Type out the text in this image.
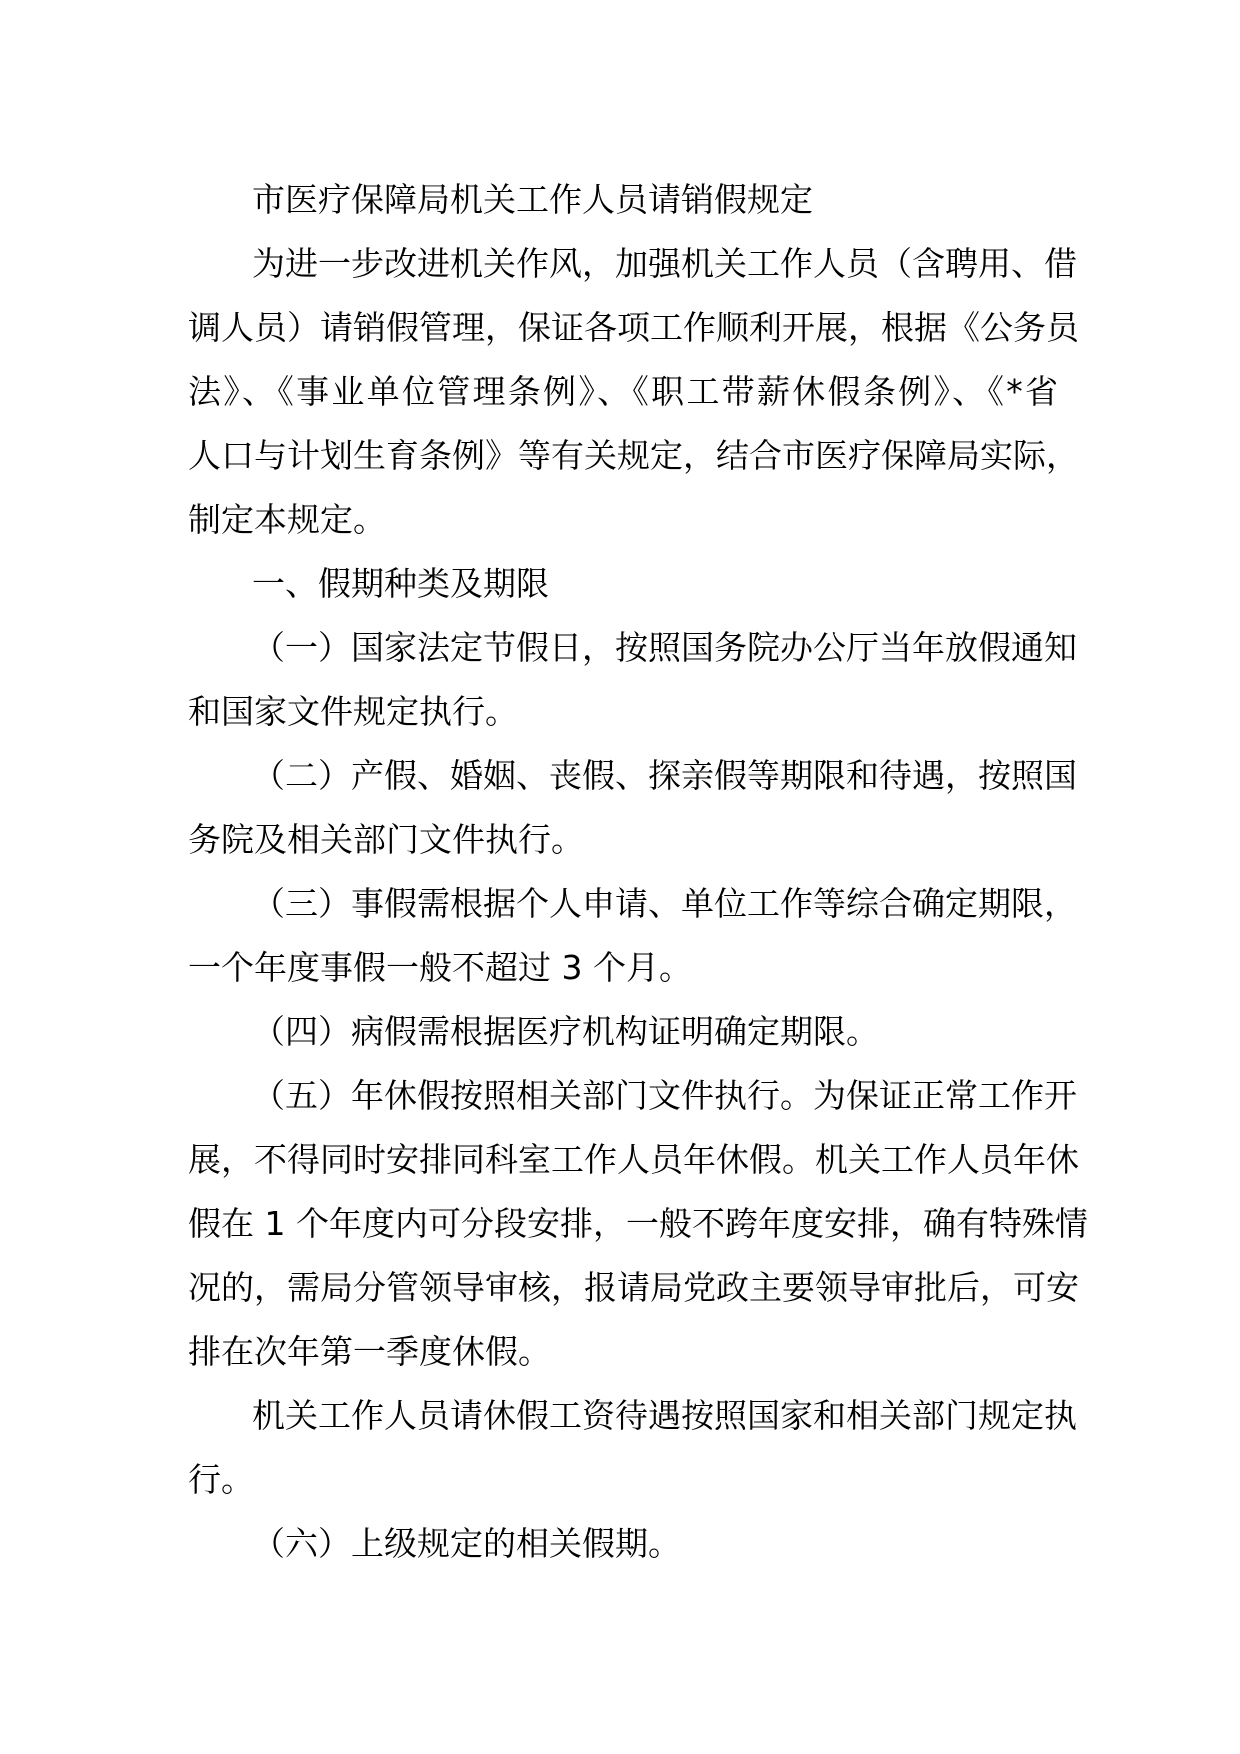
市医疗保障局机关工作人员请销假规定
为进一步改进机关作风，加强机关工作人员（含聘用、借
调人员）请销假管理，保证各项工作顺利开展，根据《公务员
法》、《事业单位管理条例》、《职工带薪休假条例》、《*省
人口与计划生育条例》等有关规定，结合市医疗保障局实际，
制定本规定。
一、假期种类及期限
（一）国家法定节假日，按照国务院办公厅当年放假通知
和国家文件规定执行。
（二）产假、婚姻、丧假、探亲假等期限和待遇，按照国
务院及相关部门文件执行。
（三）事假需根据个人申请、单位工作等综合确定期限，
一个年度事假一般不超过 3 个月。
（四）病假需根据医疗机构证明确定期限。
（五）年休假按照相关部门文件执行。为保证正常工作开
展，不得同时安排同科室工作人员年休假。机关工作人员年休
假在 1 个年度内可分段安排，一般不跨年度安排，确有特殊情
况的，需局分管领导审核，报请局党政主要领导审批后，可安
排在次年第一季度休假。
机关工作人员请休假工资待遇按照国家和相关部门规定执
行。
（六）上级规定的相关假期。
